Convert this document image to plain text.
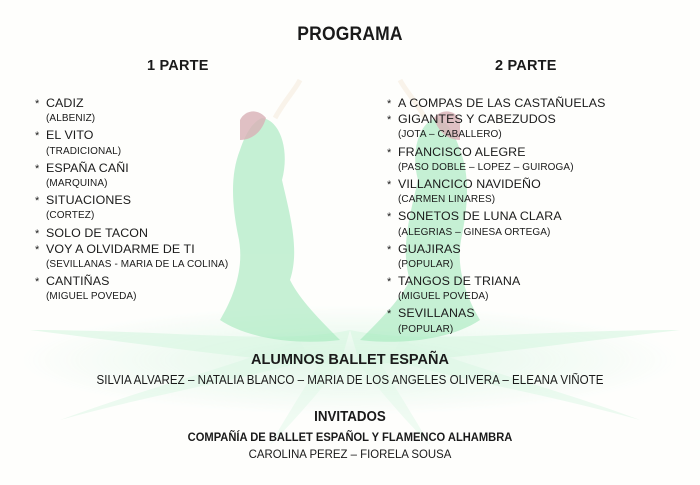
PROGRAMA
1 PARTE	2 PARTE
* CADIZ
(ALBENIZ)
* EL VITO
(TRADICIONAL)
* ESPAÑA CAÑI
(MARQUINA)
* SITUACIONES
(CORTEZ)
* SOLO DE TACON
* VOY A OLVIDARME DE TI
(SEVILLANAS - MARIA DE LA COLINA)
* CANTIÑAS
(MIGUEL POVEDA)
* A COMPAS DE LAS CASTAÑUELAS
* GIGANTES Y CABEZUDOS
(JOTA – CABALLERO)
* FRANCISCO ALEGRE
(PASO DOBLE – LOPEZ – GUIROGA)
* VILLANCICO NAVIDEÑO
(CARMEN LINARES)
* SONETOS DE LUNA CLARA
(ALEGRIAS – GINESA ORTEGA)
* GUAJIRAS
(POPULAR)
* TANGOS DE TRIANA
(MIGUEL POVEDA)
* SEVILLANAS
(POPULAR)
ALUMNOS BALLET ESPAÑA
SILVIA ALVAREZ – NATALIA BLANCO – MARIA DE LOS ANGELES OLIVERA – ELEANA VIÑOTE
INVITADOS
COMPAÑÍA DE BALLET ESPAÑOL Y FLAMENCO ALHAMBRA
CAROLINA PEREZ – FIORELA SOUSA
